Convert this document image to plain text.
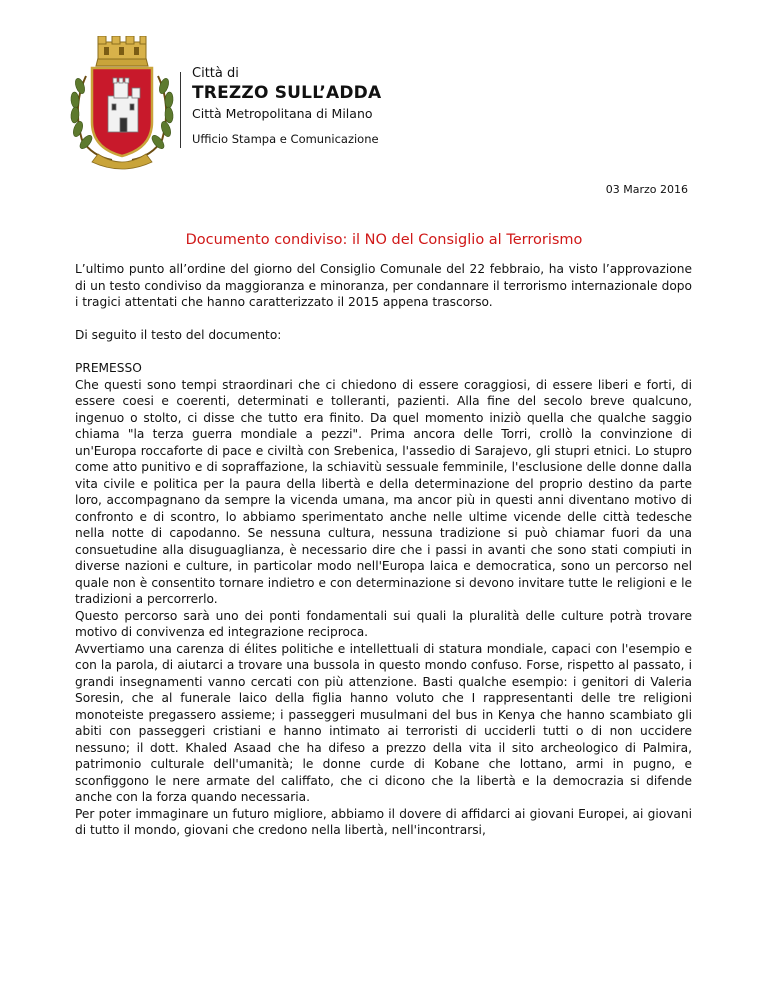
Città di
TREZZO SULL’ADDA
Città Metropolitana di Milano
Ufficio Stampa e Comunicazione
03 Marzo 2016
Documento condiviso: il NO del Consiglio al Terrorismo

L’ultimo punto all’ordine del giorno del Consiglio Comunale del 22 febbraio, ha visto l’approvazione di un testo condiviso da maggioranza e minoranza, per condannare il terrorismo internazionale dopo i tragici attentati che hanno caratterizzato il 2015 appena trascorso.

Di seguito il testo del documento:

PREMESSO

Che questi sono tempi straordinari che ci chiedono di essere coraggiosi, di essere liberi e forti, di essere coesi e coerenti, determinati e tolleranti, pazienti. Alla fine del secolo breve qualcuno, ingenuo o stolto, ci disse che tutto era finito. Da quel momento iniziò quella che qualche saggio chiama "la terza guerra mondiale a pezzi". Prima ancora delle Torri, crollò la convinzione di un'Europa roccaforte di pace e civiltà con Srebenica, l'assedio di Sarajevo, gli stupri etnici. Lo stupro come atto punitivo e di sopraffazione, la schiavitù sessuale femminile, l'esclusione delle donne dalla vita civile e politica per la paura della libertà e della determinazione del proprio destino da parte loro, accompagnano da sempre la vicenda umana, ma ancor più in questi anni diventano motivo di confronto e di scontro, lo abbiamo sperimentato anche nelle ultime vicende delle città tedesche nella notte di capodanno. Se nessuna cultura, nessuna tradizione si può chiamar fuori da una consuetudine alla disuguaglianza, è necessario dire che i passi in avanti che sono stati compiuti in diverse nazioni e culture, in particolar modo nell'Europa laica e democratica, sono un percorso nel quale non è consentito tornare indietro e con determinazione si devono invitare tutte le religioni e le tradizioni a percorrerlo.

Questo percorso sarà uno dei ponti fondamentali sui quali la pluralità delle culture potrà trovare motivo di convivenza ed integrazione reciproca.

Avvertiamo una carenza di élites politiche e intellettuali di statura mondiale, capaci con l'esempio e con la parola, di aiutarci a trovare una bussola in questo mondo confuso. Forse, rispetto al passato, i grandi insegnamenti vanno cercati con più attenzione. Basti qualche esempio: i genitori di Valeria Soresin, che al funerale laico della figlia hanno voluto che I rappresentanti delle tre religioni monoteiste pregassero assieme; i passeggeri musulmani del bus in Kenya che hanno scambiato gli abiti con passeggeri cristiani e hanno intimato ai terroristi di ucciderli tutti o di non uccidere nessuno; il dott. Khaled Asaad che ha difeso a prezzo della vita il sito archeologico di Palmira, patrimonio culturale dell'umanità; le donne curde di Kobane che lottano, armi in pugno, e sconfiggono le nere armate del califfato, che ci dicono che la libertà e la democrazia si difende anche con la forza quando necessaria.

Per poter immaginare un futuro migliore, abbiamo il dovere di affidarci ai giovani Europei, ai giovani di tutto il mondo, giovani che credono nella libertà, nell'incontrarsi,
